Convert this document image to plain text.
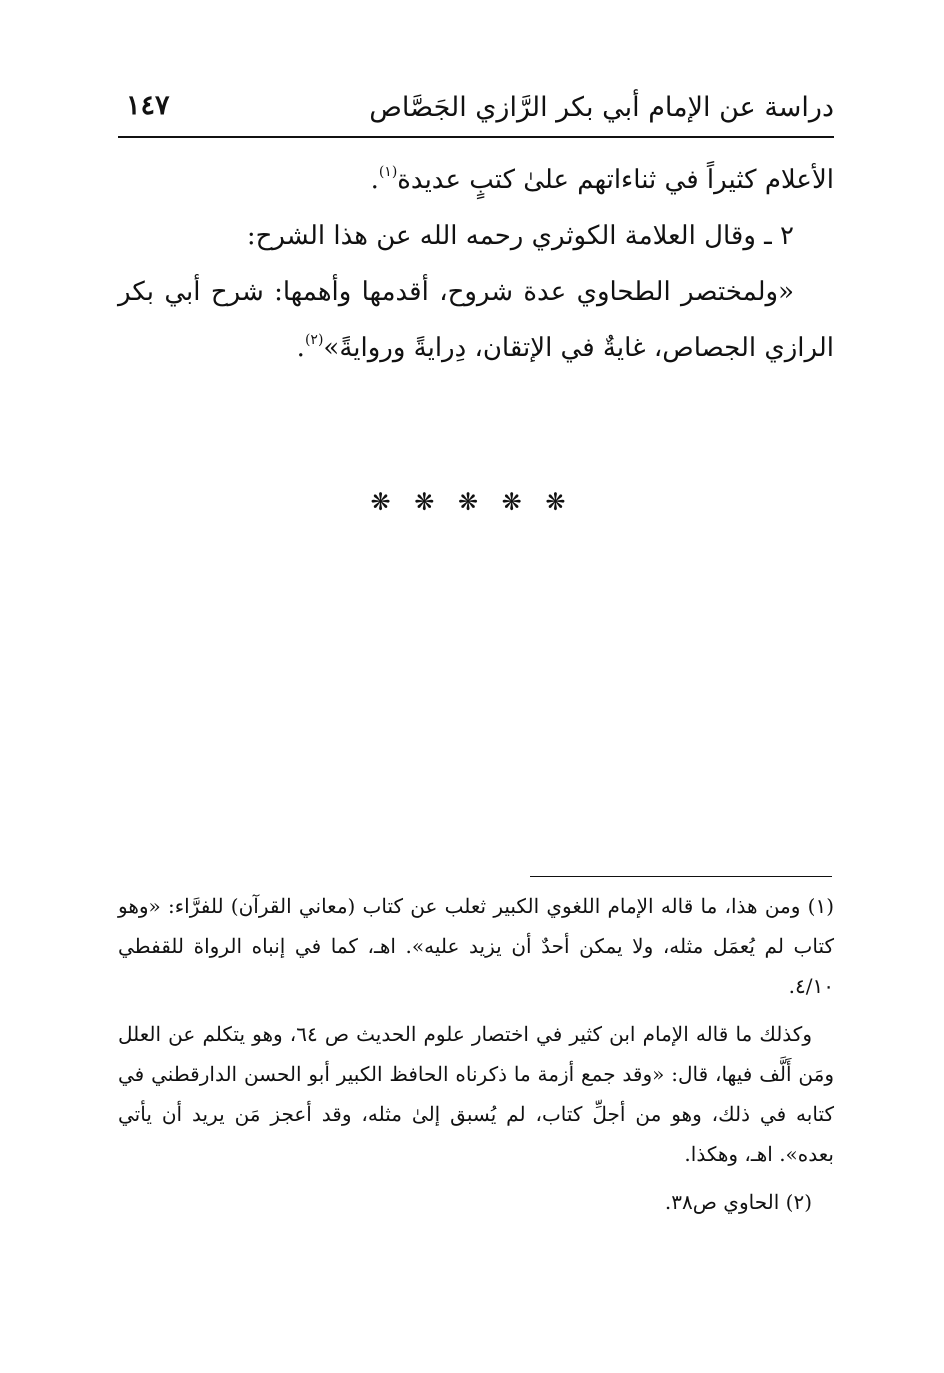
دراسة عن الإمام أبي بكر الرَّازي الجَصَّاص
١٤٧

الأعلام كثيراً في ثناءاتهم علىٰ كتبٍ عديدة$^{(١)}$.

٢ ـ وقال العلامة الكوثري رحمه الله عن هذا الشرح:

«ولمختصر الطحاوي عدة شروح، أقدمها وأهمها: شرح أبي بكر الرازي الجصاص، غايةٌ في الإتقان، دِرايةً وروايةً»$^{(٢)}$.

❋ ❋ ❋ ❋ ❋

(١) ومن هذا، ما قاله الإمام اللغوي الكبير ثعلب عن كتاب (معاني القرآن) للفرَّاء: «وهو كتاب لم يُعمَل مثله، ولا يمكن أحدٌ أن يزيد عليه». اهـ، كما في إنباه الرواة للقفطي ٤/١٠.

وكذلك ما قاله الإمام ابن كثير في اختصار علوم الحديث ص ٦٤، وهو يتكلم عن العلل ومَن أَلَّف فيها، قال: «وقد جمع أزمة ما ذكرناه الحافظ الكبير أبو الحسن الدارقطني في كتابه في ذلك، وهو من أجلِّ كتاب، لم يُسبق إلىٰ مثله، وقد أعجز مَن يريد أن يأتي بعده». اهـ، وهكذا.

(٢) الحاوي ص٣٨.
